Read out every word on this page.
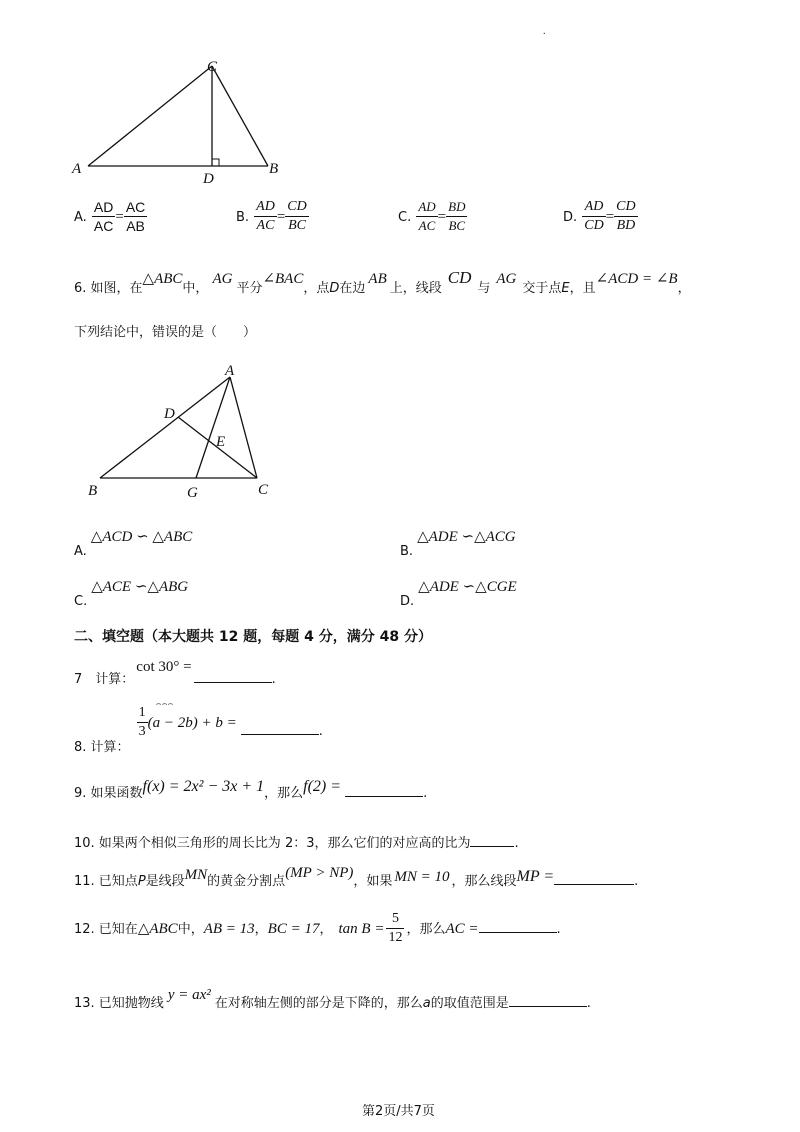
.
A
C
D
B
A. $\frac{AD}{AC} = \frac{AC}{AB}$	B. $\frac{AD}{AC} = \frac{CD}{BC}$	C. $\frac{AD}{AC} = \frac{BD}{BC}$	D. $\frac{AD}{CD} = \frac{CD}{BD}$
6. 如图，在△ABC中，AG平分∠BAC，点D在边AB上，线段CD与AG交于点E，且∠ACD = ∠B，
下列结论中，错误的是（　　）
A
D
E
B	G	C
$_{A.}$△ACD ∽ △ABC
$_{B.}$△ADE ∽△ACG
$_{C.}$△ACE ∽△ABG
$_{D.}$△ADE ∽△CGE
二、填空题（本大题共 12 题，每题 4 分，满分 48 分）
7　计算：cot 30° =.
$_{8. 计算:}$
$\frac{1}{3}$
⌢⌢⌢
$(a - 2b) + b =_.$
9. 如果函数f(x) = 2x² − 3x + 1，那么f(2) =	.
10. 如果两个相似三角形的周长比为 2：3，那么它们的对应高的比为	.
11. 已知点P是线段MN的黄金分割点(MP > NP)，如果 MN = 10 ，那么线段MP =	.
12. 已知在△ABC中，AB = 13，BC = 17， $\tan B = \frac{5}{12}$ ，那么AC =	.
13. 已知抛物线y = ax²在对称轴左侧的部分是下降的，那么a的取值范围是	.
第2页/共7页
